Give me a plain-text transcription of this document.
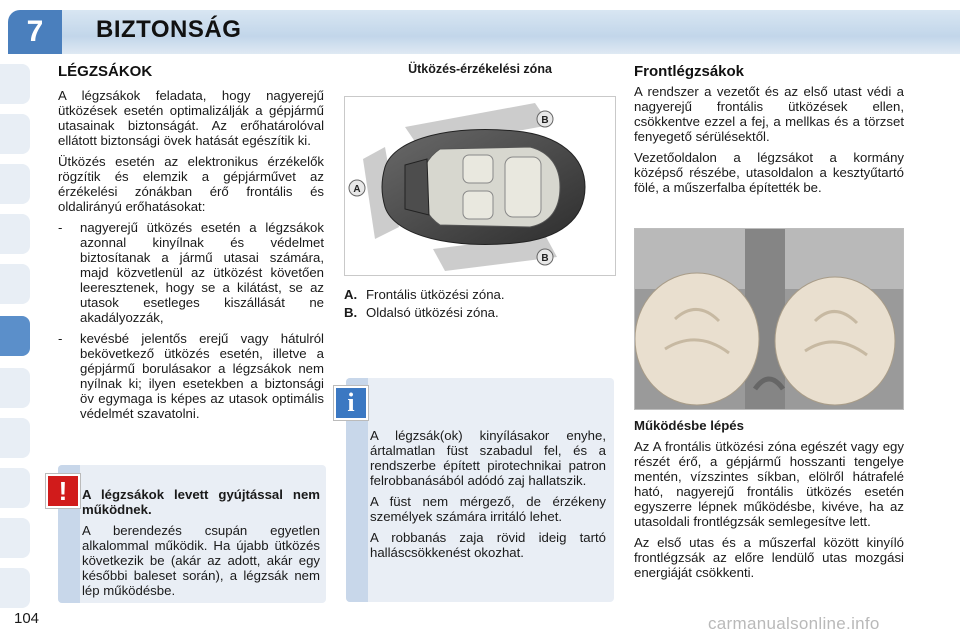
7	BIZTONSÁG
LÉGZSÁKOK

A légzsákok feladata, hogy nagyerejű ütközések esetén optimalizálják a gépjármű utasainak biztonságát. Az erőhatárolóval ellátott biztonsági övek hatását egészítik ki.

Ütközés esetén az elektronikus érzékelők rögzítik és elemzik a gépjárművet az érzékelési zónákban érő frontális és oldalirányú erőhatásokat:

-	nagyerejű ütközés esetén a légzsákok azonnal kinyílnak és védelmet biztosítanak a jármű utasai számára, majd közvetlenül az ütközést követően leeresztenek, hogy se a kilátást, se az utasok esetleges kiszállását ne akadályozzák,
-	kevésbé jelentős erejű vagy hátulról bekövetkező ütközés esetén, illetve a gépjármű borulásakor a légzsákok nem nyílnak ki; ilyen esetekben a biztonsági öv egymaga is képes az utasok optimális védelmét szavatolni.

A légzsákok levett gyújtással nem működnek.

A berendezés csupán egyetlen alkalommal működik. Ha újabb ütközés következik be (akár az adott, akár egy későbbi baleset során), a légzsák nem lép működésbe.

!
Ütközés-érzékelési zóna
B
A
B
A. Frontális ütközési zóna.
B. Oldalsó ütközési zóna.

A légzsák(ok) kinyílásakor enyhe, ártalmatlan füst szabadul fel, és a rendszerbe épített pirotechnikai patron felrobbanásából adódó zaj hallatszik.

A füst nem mérgező, de érzékeny személyek számára irritáló lehet.

A robbanás zaja rövid ideig tartó halláscsökkenést okozhat.

i
Frontlégzsákok

A rendszer a vezetőt és az első utast védi a nagyerejű frontális ütközések ellen, csökkentve ezzel a fej, a mellkas és a törzset fenyegető sérülésektől.

Vezetőoldalon a légzsákot a kormány középső részébe, utasoldalon a kesztyűtartó fölé, a műszerfalba építették be.

Működésbe lépés

Az A frontális ütközési zóna egészét vagy egy részét érő, a gépjármű hosszanti tengelye mentén, vízszintes síkban, elölről hátrafelé ható, nagyerejű frontális ütközés esetén egyszerre lépnek működésbe, kivéve, ha az utasoldali frontlégzsák semlegesítve lett.

Az első utas és a műszerfal között kinyíló frontlégzsák az előre lendülő utas mozgási energiáját csökkenti.

104	carmanualsonline.info
